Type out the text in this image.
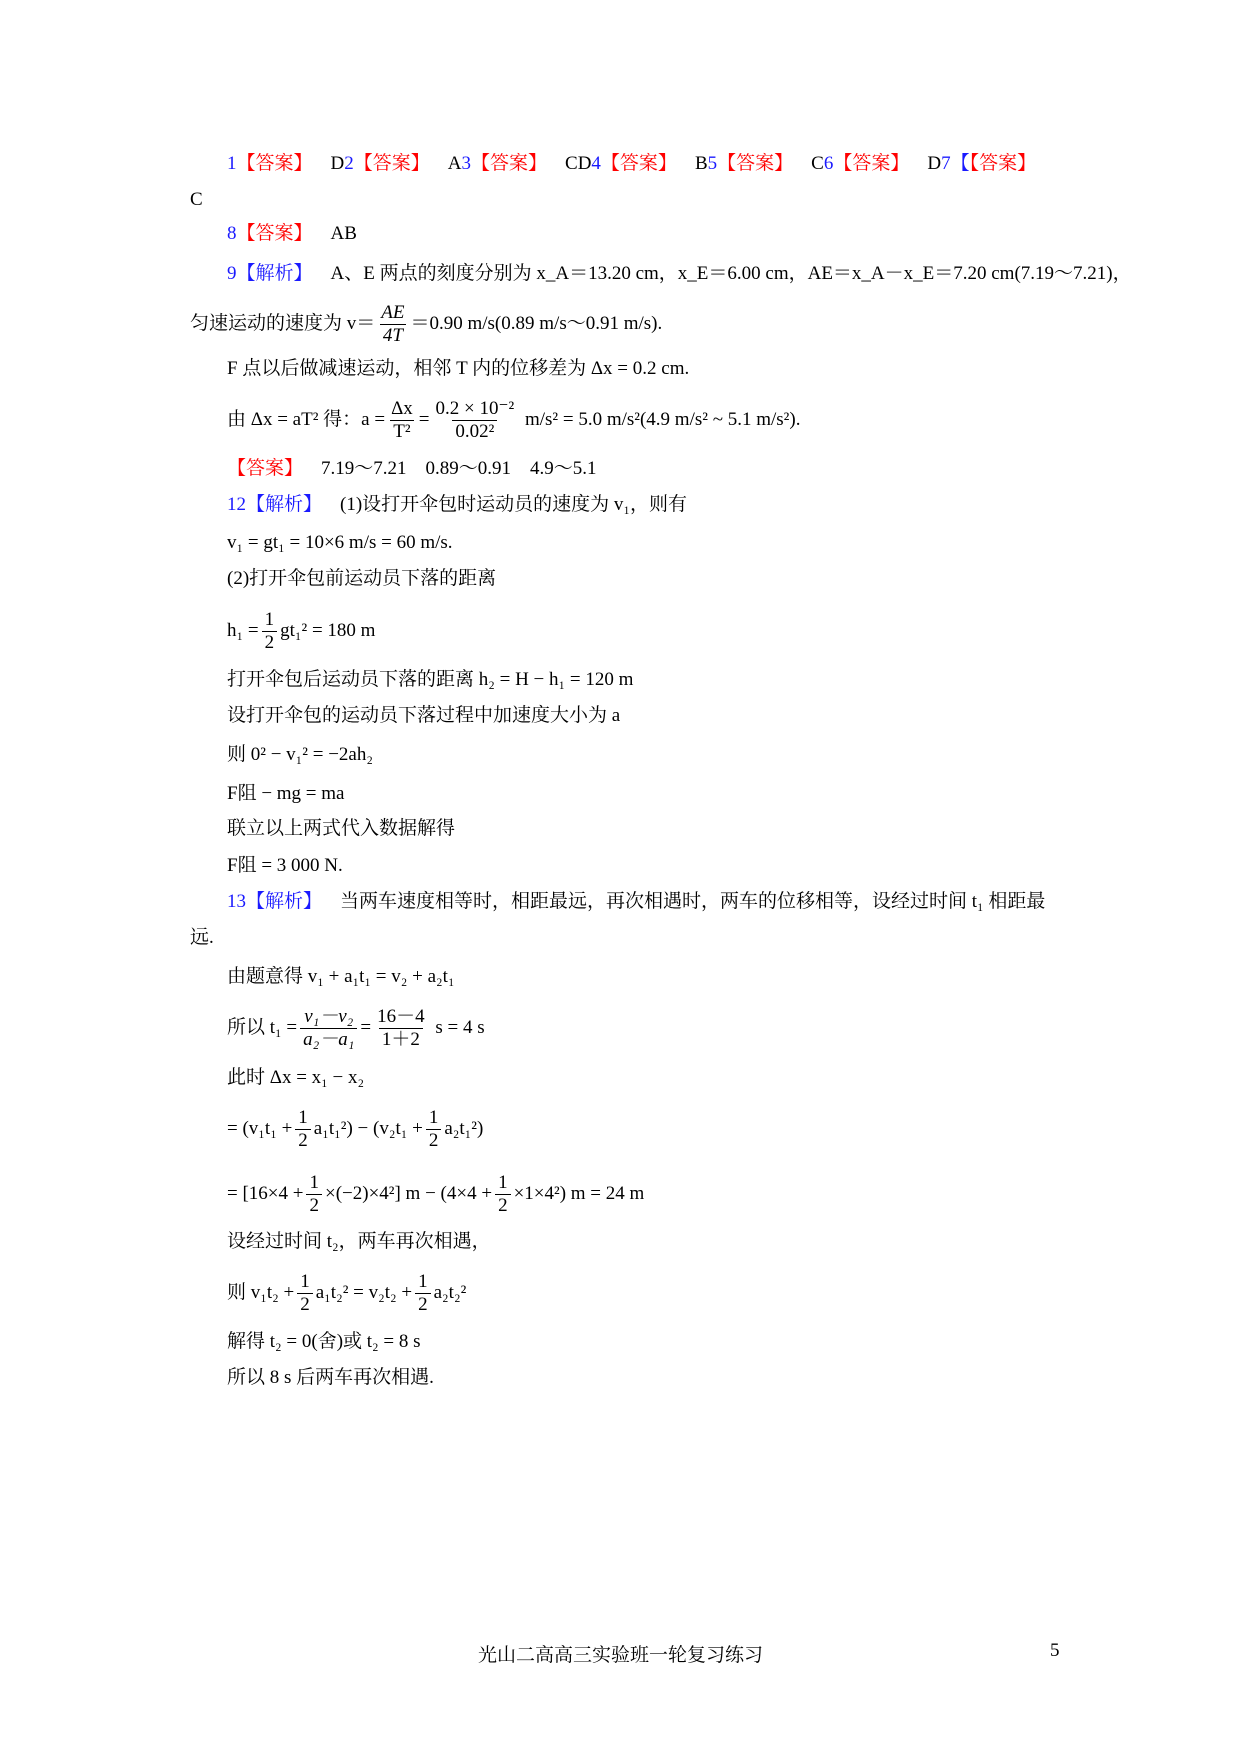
1【答案】 D2【答案】 A3【答案】 CD4【答案】 B5【答案】 C6【答案】 D7【【答案】
C
8【答案】 AB
9【解析】 A、E 两点的刻度分别为 x_A＝13.20 cm，x_E＝6.00 cm，AE＝x_A－x_E＝7.20 cm(7.19～7.21)，
匀速运动的速度为 $v= \frac{AE}{4T} =0.90$ m/s(0.89 m/s～0.91 m/s).
F 点以后做减速运动，相邻 T 内的位移差为 Δx = 0.2 cm.
由 Δx = aT² 得：$a = \frac{\Delta x}{\text{T²}} = \frac{\text{0.2 × 10⁻²}}{\text{0.02²}} m/s^2 = 5.0$ m/s²(4.9 m/s² ~ 5.1 m/s²).
【答案】 7.19～7.21　0.89～0.91　4.9～5.1
12【解析】 (1)设打开伞包时运动员的速度为 v₁，则有
v₁ = gt₁ = 10×6 m/s = 60 m/s.
(2)打开伞包前运动员下落的距离
$h_1 = \frac{1}{2} gt_1^2 = 180$ m
打开伞包后运动员下落的距离 h₂ = H − h₁ = 120 m
设打开伞包的运动员下落过程中加速度大小为 a
则 0² − v₁² = −2ah₂
F阻 − mg = ma
联立以上两式代入数据解得
F阻 = 3 000 N.
13【解析】 当两车速度相等时，相距最远，再次相遇时，两车的位移相等，设经过时间 t₁ 相距最
远.
由题意得 v₁ + a₁t₁ = v₂ + a₂t₁
所以 $t_1 = \frac{\text{v₁－v₂}}{\text{a₂－a₁}} = \frac{16-4}{1+2}$ s = 4 s
此时 Δx = x₁ − x₂
= $(v_1t_1 + \frac{1}{2} a_1t_1^2) - (v_2t_1 + \frac{1}{2} a_2t_1^2)$
= $[16\times 4 + \frac{1}{2} \times(-2)\times 4^2]$ $m - (4\times 4 + \frac{1}{2} \times 1\times 4^2)$ m = 24 m
设经过时间 t₂，两车再次相遇，
则 $v_1t_2 + \frac{1}{2} a_1t_2^2 = v_2t_2 + \frac{1}{2} a_2t_2^2$
解得 t₂ = 0(舍)或 t₂ = 8 s
所以 8 s 后两车再次相遇.
光山二高高三实验班一轮复习练习	5
